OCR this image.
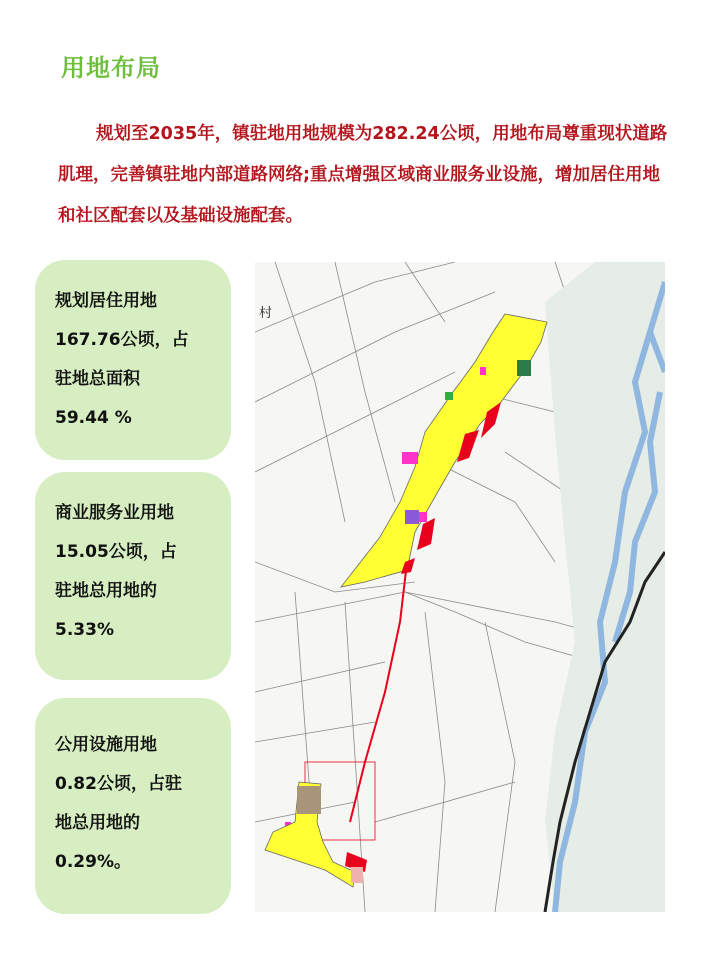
用地布局
规划至2035年，镇驻地用地规模为282.24公顷，用地布局尊重现状道路肌理，完善镇驻地内部道路网络;重点增强区域商业服务业设施，增加居住用地和社区配套以及基础设施配套。

规划居住用地
167.76公顷，占
驻地总面积
59.44 %

商业服务业用地
15.05公顷，占
驻地总用地的
5.33%

公用设施用地
0.82公顷，占驻
地总用地的
0.29%。

村
